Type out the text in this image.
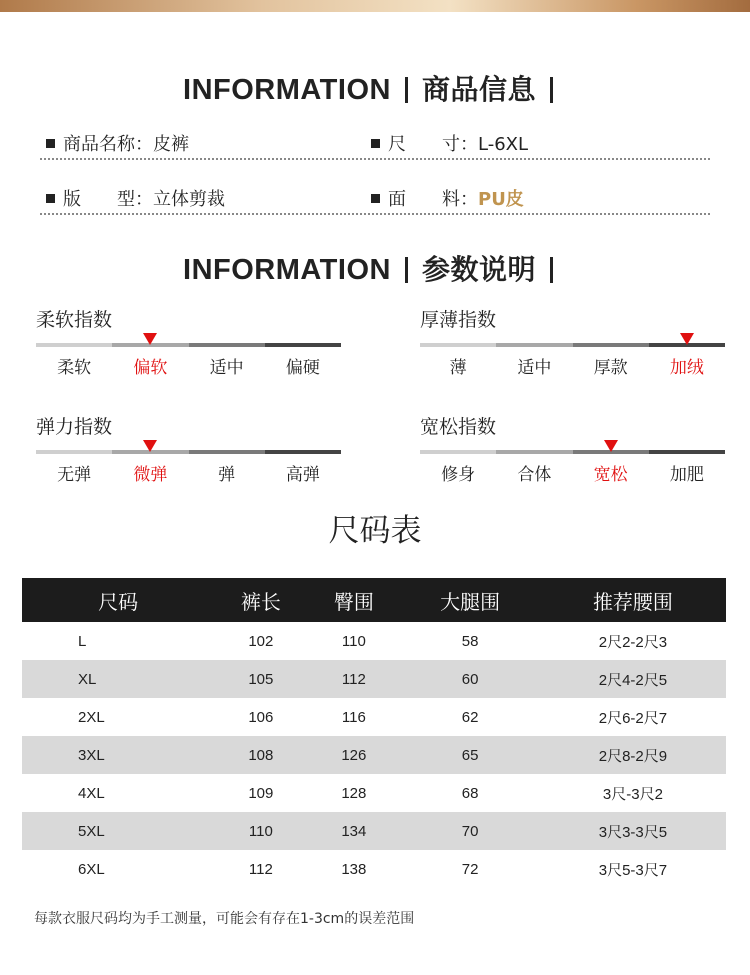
INFORMATION 商品信息
商品名称：皮裤	尺　　寸：L-6XL
版　　型：立体剪裁	面　　料：PU皮
INFORMATION 参数说明
柔软指数
柔软	偏软	适中	偏硬
厚薄指数
薄	适中	厚款	加绒
弹力指数
无弹	微弹	弹	高弹
宽松指数
修身	合体	宽松	加肥
尺码表
尺码	裤长	臀围	大腿围	推荐腰围
L	102	110	58	2尺2-2尺3
XL	105	112	60	2尺4-2尺5
2XL	106	116	62	2尺6-2尺7
3XL	108	126	65	2尺8-2尺9
4XL	109	128	68	3尺-3尺2
5XL	110	134	70	3尺3-3尺5
6XL	112	138	72	3尺5-3尺7
每款衣服尺码均为手工测量，可能会有存在1-3cm的误差范围
